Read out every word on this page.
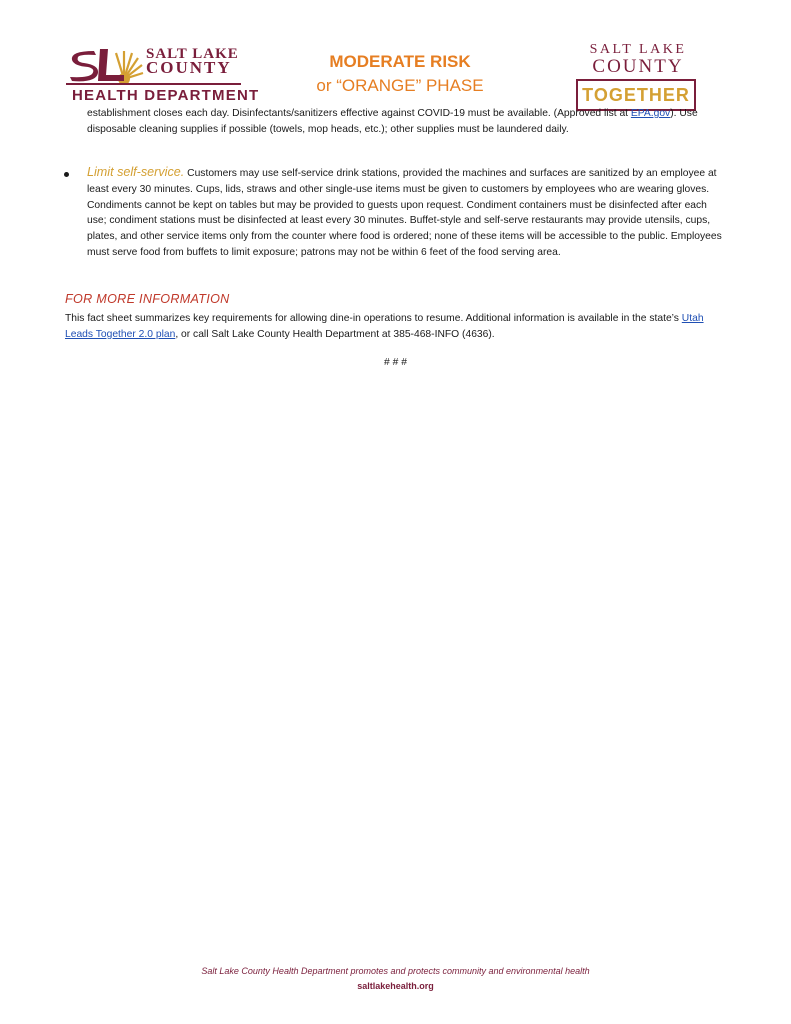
SALT LAKE
COUNTY
HEALTH DEPARTMENT
MODERATE RISK
or “ORANGE” PHASE
SALT LAKE
COUNTY
TOGETHER
establishment closes each day. Disinfectants/sanitizers effective against COVID-19 must be available. (Approved list at EPA.gov). Use disposable cleaning supplies if possible (towels, mop heads, etc.); other supplies must be laundered daily.
Limit self-service. Customers may use self-service drink stations, provided the machines and surfaces are sanitized by an employee at least every 30 minutes. Cups, lids, straws and other single-use items must be given to customers by employees who are wearing gloves. Condiments cannot be kept on tables but may be provided to guests upon request. Condiment containers must be disinfected after each use; condiment stations must be disinfected at least every 30 minutes. Buffet-style and self-serve restaurants may provide utensils, cups, plates, and other service items only from the counter where food is ordered; none of these items will be accessible to the public. Employees must serve food from buffets to limit exposure; patrons may not be within 6 feet of the food serving area.
FOR MORE INFORMATION
This fact sheet summarizes key requirements for allowing dine-in operations to resume. Additional information is available in the state’s Utah Leads Together 2.0 plan, or call Salt Lake County Health Department at 385-468-INFO (4636).
# # #
Salt Lake County Health Department promotes and protects community and environmental health
saltlakehealth.org
